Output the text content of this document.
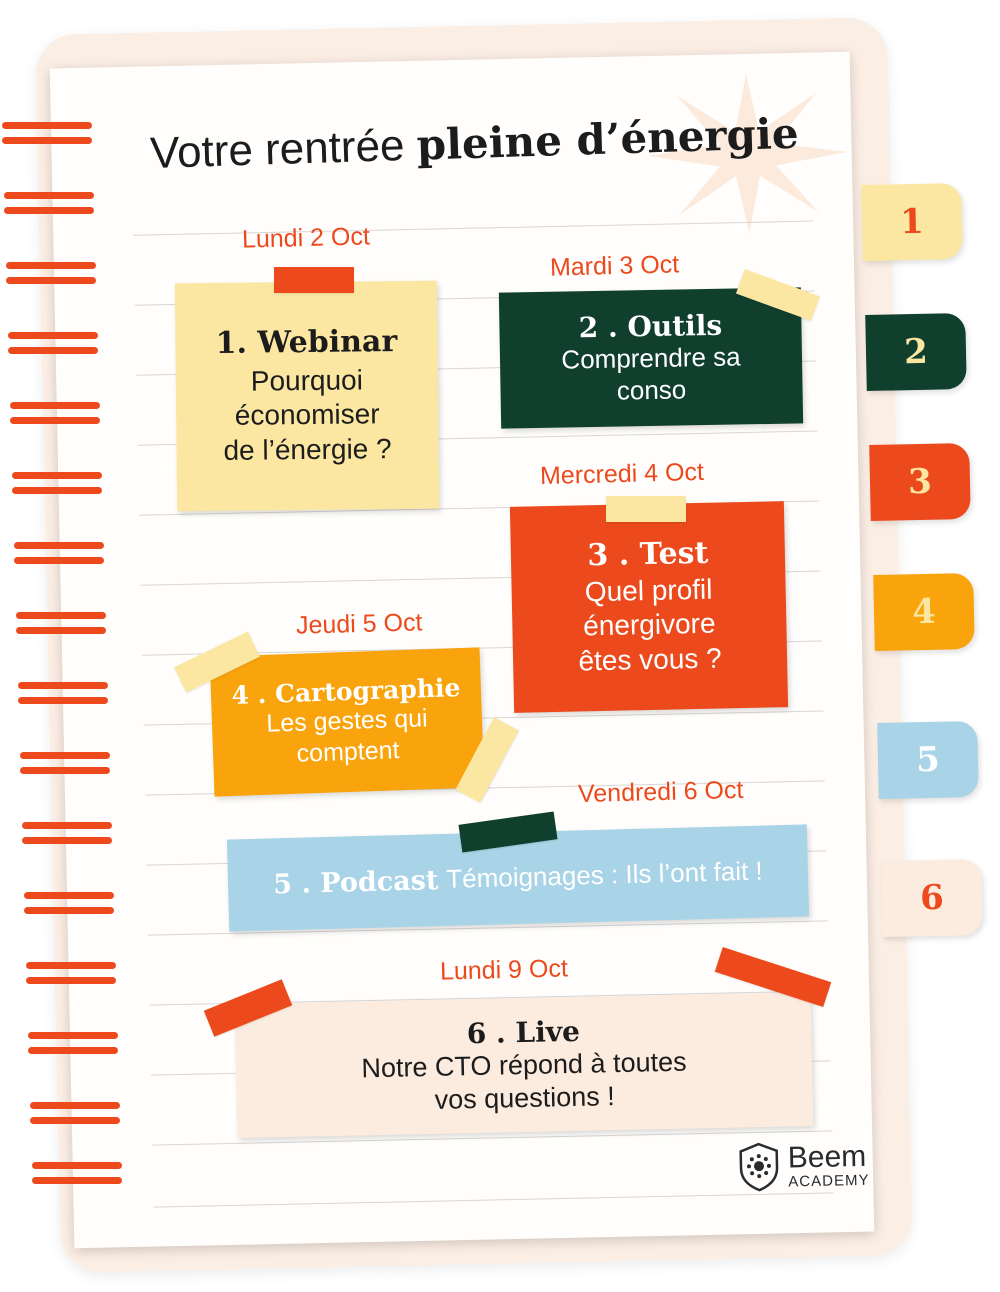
1
2
3
4
5
6
Votre rentrée pleine d’énergie
Lundi 2 Oct
1. Webinar
Pourquoi
économiser
de l’énergie ?
Mardi 3 Oct
2 . Outils
Comprendre sa
conso
Mercredi 4 Oct
3 . Test
Quel profil
énergivore
êtes vous ?
Jeudi 5 Oct
4 . Cartographie
Les gestes qui
comptent
Vendredi 6 Oct
5 . Podcast Témoignages : Ils l’ont fait !
Lundi 9 Oct
6 . Live
Notre CTO répond à toutes
vos questions !
Beem
ACADEMY
